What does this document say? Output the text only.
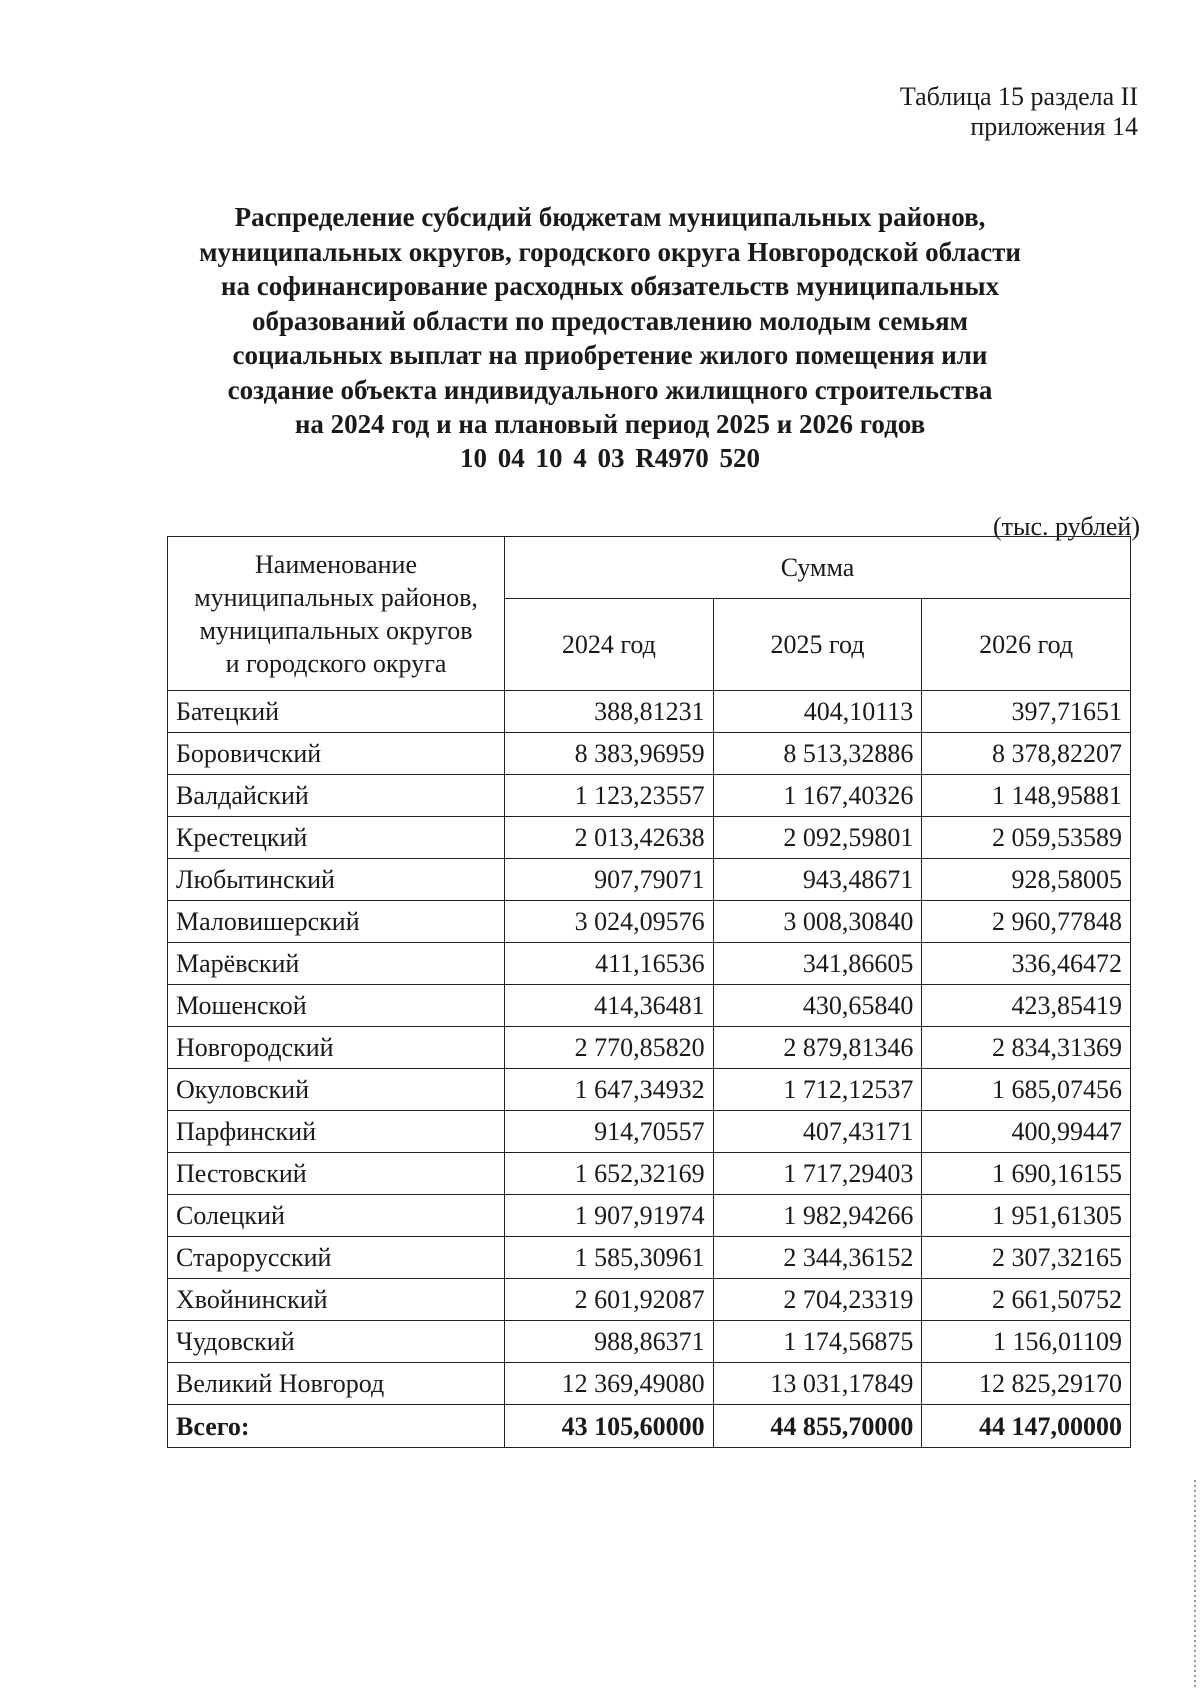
Таблица 15 раздела II
приложения 14
Распределение субсидий бюджетам муниципальных районов,
муниципальных округов, городского округа Новгородской области
на софинансирование расходных обязательств муниципальных
образований области по предоставлению молодым семьям
социальных выплат на приобретение жилого помещения или
создание объекта индивидуального жилищного строительства
на 2024 год и на плановый период 2025 и 2026 годов
10 04 10 4 03 R4970 520
(тыс. рублей)
Наименование
муниципальных районов,
муниципальных округов
и городского округа	Сумма		
	2024 год	2025 год	2026 год
Батецкий	388,81231	404,10113	397,71651
Боровичский	8 383,96959	8 513,32886	8 378,82207
Валдайский	1 123,23557	1 167,40326	1 148,95881
Крестецкий	2 013,42638	2 092,59801	2 059,53589
Любытинский	907,79071	943,48671	928,58005
Маловишерский	3 024,09576	3 008,30840	2 960,77848
Марёвский	411,16536	341,86605	336,46472
Мошенской	414,36481	430,65840	423,85419
Новгородский	2 770,85820	2 879,81346	2 834,31369
Окуловский	1 647,34932	1 712,12537	1 685,07456
Парфинский	914,70557	407,43171	400,99447
Пестовский	1 652,32169	1 717,29403	1 690,16155
Солецкий	1 907,91974	1 982,94266	1 951,61305
Старорусский	1 585,30961	2 344,36152	2 307,32165
Хвойнинский	2 601,92087	2 704,23319	2 661,50752
Чудовский	988,86371	1 174,56875	1 156,01109
Великий Новгород	12 369,49080	13 031,17849	12 825,29170
Всего:	43 105,60000	44 855,70000	44 147,00000
